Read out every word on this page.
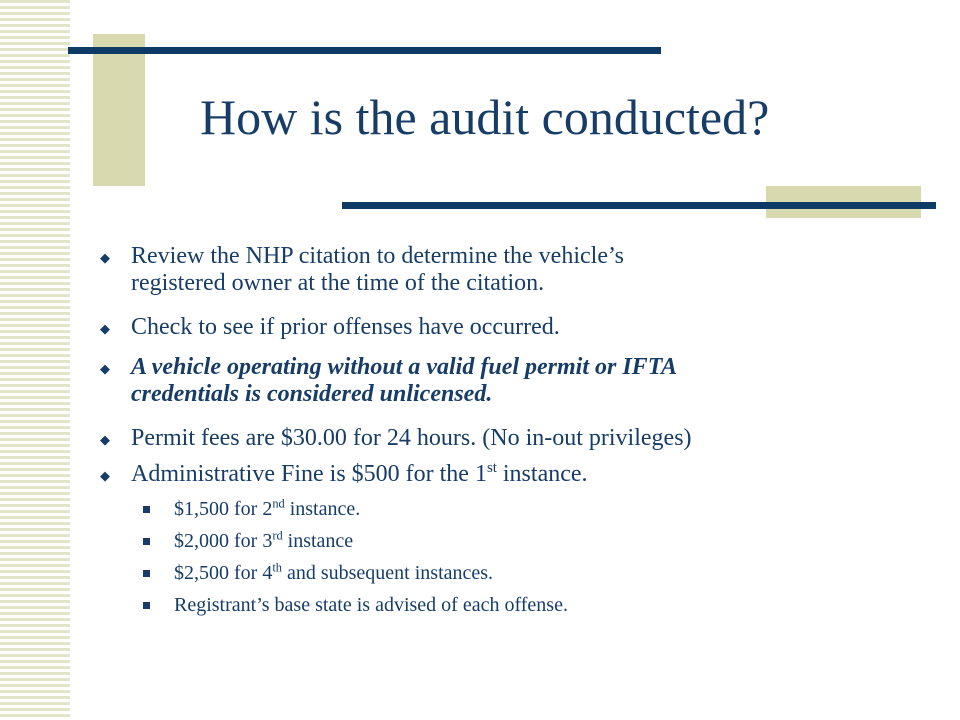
How is the audit conducted?
◆ Review the NHP citation to determine the vehicle’s
registered owner at the time of the citation.
◆ Check to see if prior offenses have occurred.
◆ A vehicle operating without a valid fuel permit or IFTA
credentials is considered unlicensed.
◆ Permit fees are $30.00 for 24 hours. (No in-out privileges)
◆ Administrative Fine is $500 for the 1st instance.
$1,500 for 2nd instance.
$2,000 for 3rd instance
$2,500 for 4th and subsequent instances.
Registrant’s base state is advised of each offense.
